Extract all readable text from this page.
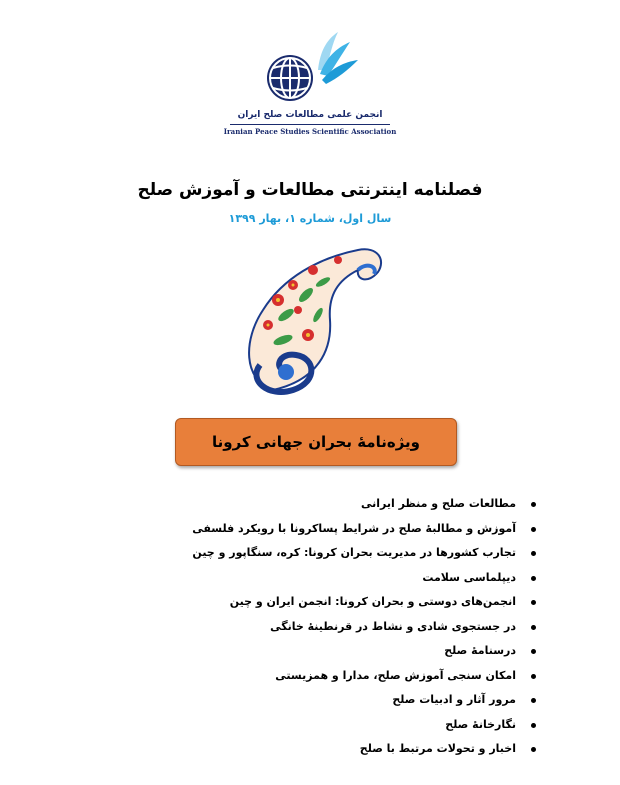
انجمن علمی مطالعات صلح ایران
Iranian Peace Studies Scientific Association
فصلنامه اینترنتی مطالعات و آموزش صلح
سال اول، شماره ۱، بهار ۱۳۹۹
ویژه‌نامهٔ بحران جهانی کرونا
مطالعات صلح و منظر ایرانی
آموزش و مطالبهٔ صلح در شرایط پساکرونا با رویکرد فلسفی
تجارب کشورها در مدیریت بحران کرونا: کره، سنگاپور و چین
دیپلماسی سلامت
انجمن‌های دوستی و بحران کرونا: انجمن ایران و چین
در جستجوی شادی و نشاط در قرنطینهٔ خانگی
درسنامهٔ صلح
امکان سنجی آموزش صلح، مدارا و همزیستی
مرور آثار و ادبیات صلح
نگارخانهٔ صلح
اخبار و تحولات مرتبط با صلح
